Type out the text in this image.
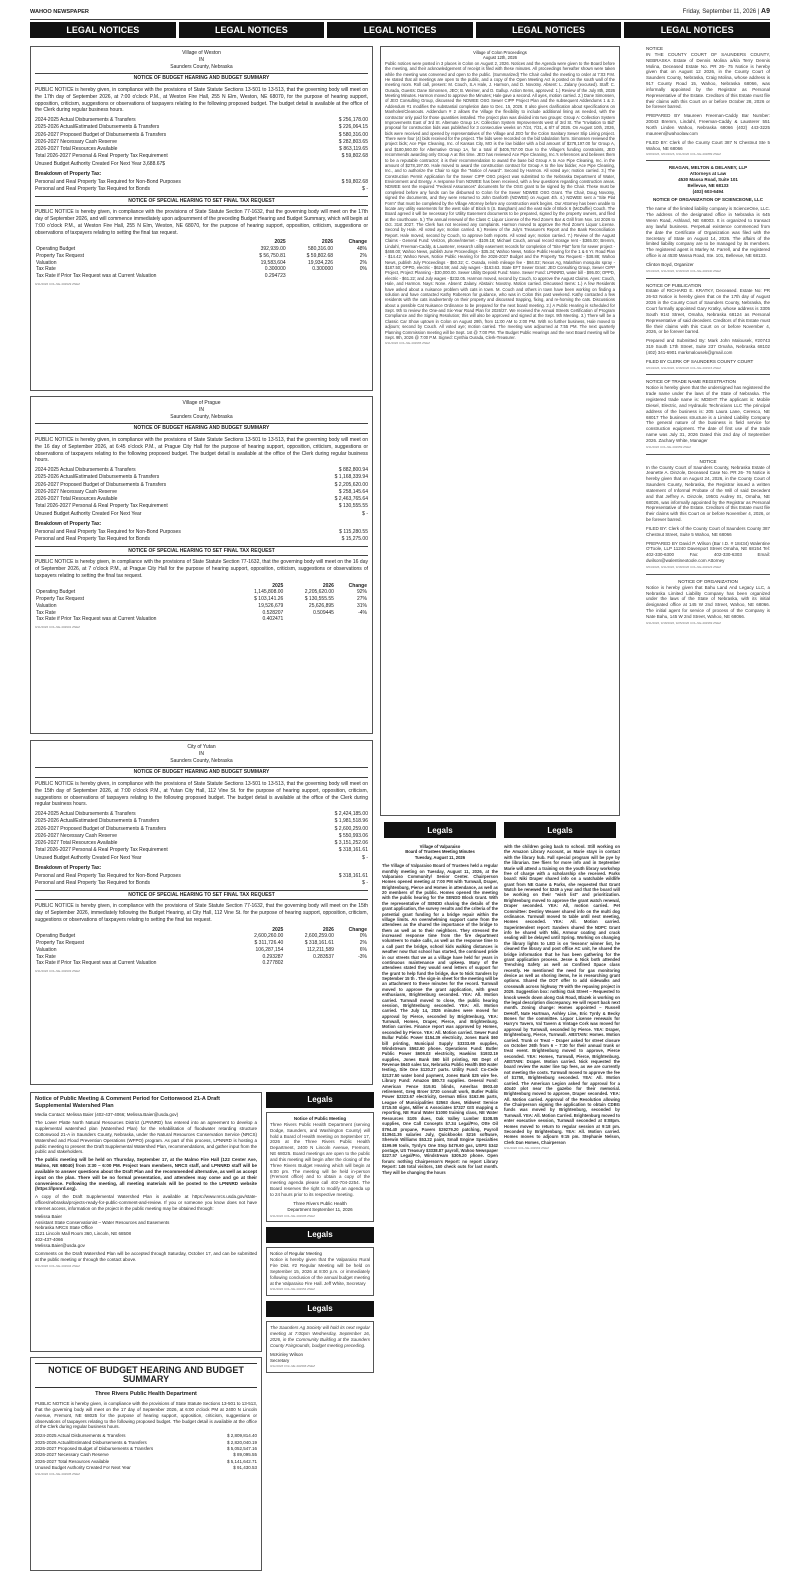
WAHOO NEWSPAPER	Friday, September 11, 2026 | A9
LEGAL NOTICES	LEGAL NOTICES	LEGAL NOTICES	LEGAL NOTICES	LEGAL NOTICES
Village of Weston
IN
Saunders County, Nebraska
NOTICE OF BUDGET HEARING AND BUDGET SUMMARY
PUBLIC NOTICE is hereby given, in compliance with the provisions of State Statute Sections 13-501 to 13-513, that the governing body will meet on the 17th day of September 2026, at 7:00 o'clock P.M., at Weston Fire Hall, 255 N Elm, Weston, NE 68070, for the purpose of hearing support, opposition, criticism, suggestions or observations of taxpayers relating to the following proposed budget. The budget detail is available at the office of the Clerk during regular business hours.
2024-2025 Actual Disbursements & Transfers	$ 256,178.00
2025-2026 Actual/Estimated Disbursements & Transfers	$ 226,064.15
2026-2027 Proposed Budget of Disbursements & Transfers	$ 580,316.00
2026-2027 Necessary Cash Reserve	$ 282,803.65
2026-2027 Total Resources Available	$ 863,119.65
Total 2026-2027 Personal & Real Property Tax Requirement	$ 59,802.68
Unused Budget Authority Created For Next Year 3,688.67$
Breakdown of Property Tax:
Personal and Real Property Tax Required for Non-Bond Purposes	$ 59,802.68
Personal and Real Property Tax Required for Bonds	$ -
NOTICE OF SPECIAL HEARING TO SET FINAL TAX REQUEST
PUBLIC NOTICE is hereby given, in compliance with the provisions of State Statute Section 77-1632, that the governing body will meet on the 17th day of September 2026, and will commence immediately upon adjournment of the preceding Budget Hearing and Budget Summary, which will begin at 7:00 o'clock P.M., at Weston Fire Hall, 255 N Elm, Weston, NE 68070, for the purpose of hearing support, opposition, criticism, suggestions or observations of taxpayers relating to setting the final tax request.
	2025	2026	Change
Operating Budget	392,939.00	580,316.00	48%
Property Tax Request	$ 56,750.81	$ 59,802.68	2%
Valuation	19,583,604	19,934,226	2%
Tax Rate	0.300000	0.300000	0%
Tax Rate if Prior Tax Request was at Current Valuation	0.294723		
9/11/2026 COL-NE-402929 ZNEZ
Village of Prague
IN
Saunders County, Nebraska
NOTICE OF BUDGET HEARING AND BUDGET SUMMARY
PUBLIC NOTICE is hereby given, in compliance with the provisions of State Statute Sections 13-501 to 13-513, that the governing body will meet on the 16 day of September 2026, at 6:45 o'clock P.M., at Prague City Hall for the purpose of hearing support, opposition, criticism, suggestions or observations of taxpayers relating to the following proposed budget. The budget detail is available at the office of the Clerk during regular business hours.
2024-2025 Actual Disbursements & Transfers	$ 882,800.94
2025-2026 Actual/Estimated Disbursements & Transfers	$ 1,168,339.94
2026-2027 Proposed Budget of Disbursements & Transfers	$ 2,205,620.00
2026-2027 Necessary Cash Reserve	$ 258,145.64
2026-2027 Total Resources Available	$ 2,463,765.64
Total 2026-2027 Personal & Real Property Tax Requirement	$ 130,555.55
Unused Budget Authority Created For Next Year	$ -
Breakdown of Property Tax:
Personal and Real Property Tax Required for Non-Bond Purposes	$ 115,280.55
Personal and Real Property Tax Required for Bonds	$ 15,275.00
NOTICE OF SPECIAL HEARING TO SET FINAL TAX REQUEST
PUBLIC NOTICE is hereby given, in compliance with the provisions of State Statute Section 77-1632, that the governing body will meet on the 16 day of September 2026, at 7 o'clock P.M., at Prague City Hall for the purpose of hearing support, opposition, criticism, suggestions or observations of taxpayers relating to setting the final tax request.
	2025	2026	Change
Operating Budget	1,145,808.00	2,205,620.00	92%
Property Tax Request	$ 103,141.26	$ 130,555.55	27%
Valuation	19,526,679	25,626,895	31%
Tax Rate	0.528207	0.509445	-4%
Tax Rate if Prior Tax Request was at Current Valuation	0.402471		
9/11/2026 COL-NE-402901 ZNEZ
City of Yutan
IN
Saunders County, Nebraska
NOTICE OF BUDGET HEARING AND BUDGET SUMMARY
PUBLIC NOTICE is hereby given, in compliance with the provisions of State Statute Sections 13-501 to 13-513, that the governing body will meet on the 15th day of September 2026, at 7:00 o'clock P.M., at Yutan City Hall, 112 Vine St. for the purpose of hearing support, opposition, criticism, suggestions or observations of taxpayers relating to the following proposed budget. The budget detail is available at the office of the Clerk during regular business hours.
2024-2025 Actual Disbursements & Transfers	$ 2,424,185.00
2025-2026 Actual/Estimated Disbursements & Transfers	$ 1,981,518.96
2026-2027 Proposed Budget of Disbursements & Transfers	$ 2,600,259.00
2026-2027 Necessary Cash Reserve	$ 550,993.06
2026-2027 Total Resources Available	$ 3,151,252.06
Total 2026-2027 Personal & Real Property Tax Requirement	$ 318,161.61
Unused Budget Authority Created For Next Year	$ -
Breakdown of Property Tax:
Personal and Real Property Tax Required for Non-Bond Purposes	$ 318,161.61
Personal and Real Property Tax Required for Bonds	$ -
NOTICE OF SPECIAL HEARING TO SET FINAL TAX REQUEST
PUBLIC NOTICE is hereby given, in compliance with the provisions of State Statute Section 77-1632, that the governing body will meet on the 15th day of September 2026, immediately following the Budget Hearing, at City Hall, 112 Vine St. for the purpose of hearing support, opposition, criticism, suggestions or observations of taxpayers relating to setting the final tax request.
	2025	2026	Change
Operating Budget	2,600,260.00	2,600,259.00	0%
Property Tax Request	$ 311,726.40	$ 318,161.61	2%
Valuation	106,287,154	112,211,589	6%
Tax Rate	0.293287	0.283537	-3%
Tax Rate if Prior Tax Request was at Current Valuation	0.277802		
9/11/2026 COL-NE-402903 ZNEZ
Notice of Public Meeting & Comment Period for Cottonwood 21-A Draft Supplemental Watershed Plan
Media Contact: Melissa Baier (402-437-4066; Melissa.Baier@usda.gov)
The Lower Platte North Natural Resources District (LPNNRD) has entered into an agreement to develop a supplemental watershed plan (Watershed Plan) for the rehabilitation of floodwater retarding structure Cottonwood 21-A in Saunders County, Nebraska, under the Natural Resources Conservation Service (NRCS) Watershed and Flood Prevention Operations (WFPO) program. As part of this process, LPNNRD is hosting a public meeting to present the Draft Supplemental Watershed Plan, recommendations, and gather input from the public and stakeholders.
The public meeting will be held on Thursday, September 17, at the Malmo Fire Hall (122 Center Ave, Malmo, NE 68040) from 3:30 – 6:00 PM. Project team members, NRCS staff, and LPNNRD staff will be available to answer questions about the Draft Plan and the recommended alternative, as well as accept input on the plan. There will be no formal presentation, and attendees may come and go at their convenience. Following the meeting, all meeting materials will be posted to the LPNNRD website (https://lpnnrd.org).
A copy of the Draft Supplemental Watershed Plan is available at https://www.nrcs.usda.gov/state-offices/nebraska/projects-ready-for-public-comment-and-review. If you or someone you know does not have Internet access, information on the project in the public meeting may be obtained through:
Melissa Baier
Assistant State Conservationist – Water Resources and Easements
Nebraska NRCS State Office
1121 Lincoln Mall Room 360, Lincoln, NE 68508
402-437-4066
Melissa.Baier@usda.gov
Comments on the Draft Watershed Plan will be accepted through Saturday, October 17, and can be submitted at the public meeting or through the contact above.
9/11/2026 COL-NE-402904 ZNEZ
NOTICE OF BUDGET HEARING AND BUDGET SUMMARY
Three Rivers Public Health Department
PUBLIC NOTICE is hereby given, in compliance with the provisions of State Statute Sections 13-501 to 13-513, that the governing body will meet on the 17 day of September 2026, at 6:00 o'clock PM at 2400 N Lincoln Avenue, Fremont, NE 68025 for the purpose of hearing support, opposition, criticism, suggestions or observations of taxpayers relating to the following proposed budget. The budget detail is available at the office of the Clerk during regular business hours.
2024-2025 Actual Disbursements & Transfers	$ 2,809,814.40
2025-2026 Actual/Estimated Disbursements & Transfers	$ 2,820,040.19
2026-2027 Proposed Budget of Disbursements & Transfers	$ 5,052,547.16
2026-2027 Necessary Cash Reserve	$ 89,095.55
2026-2027 Total Resources Available	$ 5,141,642.71
Unused Budget Authority Created For Next Year	$ 91,430.53
9/11/2026 COL-NE-402905 ZNEZ
Village of Colon Proceedings
August 12th, 2026
Public notices were posted in 3 places in Colon on August 2, 2026. Notices and the Agenda were given to the Board before the meeting, and their acknowledgement of receipt is filed with these minutes. All proceedings hereafter shown were taken while the meeting was convened and open to the public. (Summarized) The Chair called the meeting to order at 7:03 P.M. He stated that all meetings are open to the public, and a copy of the Open Meeting Act is posted on the south wall of the meeting room. Roll call, present: M. Couch, S.A Hale, J. Harmon, and D. Novotny. Absent: L. Zalany (excused). Staff: C. Ourada, Guests: Dane Simonsen, JEO; B. Weimer, and D. Gallup. Action Items, approved: 1.) Review of the July 8th, 2026 Meeting Minutes. Harmon moved to approve the Minutes; Hale gave a second. All ayes, motion carried. 2.) Dane Simonsen, of JEO Consulting Group, discussed the NDWEE OSG Sewer CIPP Project Plan and the subsequent Addendums 1 & 2. Addendum #1 modifies the substantial completion date to Dec. 15, 2026. It also gives clarification about specifications on Manholes/Cleanouts. Addendum # 2 allows the Village the flexibility to include additional lining as needed, with the contractor only paid for those quantities installed. The project plan was divided into two groups: Group A: Collection System Improvements East of 3rd St. Alternate Group 1A: Collection System Improvements west of 3rd St. The "Invitation to Bid" proposal for construction bids was published for 3 consecutive weeks on 7/24, 7/31, & 8/7 of 2026. On August 10th, 2026, bids were received and opened by representatives of the Village and JEO for the Colon Sanitary Sewer Slip Lining project. There were four (4) bids received for the project. The bids were recorded on the bid tabulation form. Simonsen reviewed the project bids; Ace Pipe Cleaning, Inc. of Kansas City, MO is the low bidder with a bid amount of $278,197.00 for Group A, and $180,560.00 for Alternative Group 1A, for a total of $405,757.00 Due to the Village's funding constraints, JEO recommends awarding only Group A at this time. JEO has reviewed Ace Pipe Cleaning, Inc.'s references and believes them to be a reputable contractor; it is their recommendation to award the base bid Group A to Ace Pipe Cleaning, Inc. in the amount of $278,197.00. Hale moved to award the construction contract for Group A to the low bidder, Ace Pipe Cleaning, Inc., and to authorize the Chair to sign the "Notice of Award". Second by Harmon. All voted aye; motion carried. 3.) The Construction Permit Application for the Sewer CIPP OSG project was submitted to the Nebraska Department of Water, Environment and Energy. A response from NDWEE has been received, with a few questions regarding construction areas. NDWEE sent the required "Federal Assurances" documents for the OSG grant to be signed by the Chair. These must be completed before any funds can be disbursed to Colon for the Sewer NDWEE OSG Grant. The Chair, Doug Novotny, signed the documents, and they were returned to John Danforth (NDWEE) on August 4th. 4.) NDWEE sent a "Site Plat Form" that must be completed by the Village Attorney before any construction work begins. Our Attorney has been unable to locate any utility easements for the west side of Block 5 (S. Bangham) and the east side of Block 6 (McDuffie) Couch. The Board agreed it will be necessary for Utility Easement documents to be prepared, signed by the property owners, and filed at the courthouse. 5.) The annual renewal of the Class C Liquor License of the Red Zone's Bar & Grill from Nov. 1st 2026 to Oct. 31st 2027. The Clerk has not received any complaints. Harmon moved to approve the Red Zone's Liquor License. Second by Hale. All voted aye; motion carried. 6.) Review of the July's Treasurer's Report and the Bank Reconciliation Report. Hale moved, second by Couch, to approve both reports. All voted aye; motion carried. 7.) Review of the August Claims - General Fund: Verizon, phone/internet - $109.18; Michael Couch, annual record storage rent - $365.00; Bremm, Lindahl, Freeman-Caddy, & Lausterer, research utility easement records for completion of "Site Plat" form for sewer project - $468.00; Wahoo News, publish June Proceedings - $35.34; Wahoo News, Notice Public Hearing for the 1 & 6 Yr. Road Plan - $14.42; Wahoo News, Notice Public Hearing for the 2026-2027 Budget and the Property Tax Request - $38.88; Wahoo News, publish July Proceedings - $50.32; C. Ourada, reimb mileage fee - $84.02; Nexus Ag, Malathion mosquito spray - $187.50; OPPD, electric - $624.59; and July wages - $163.63. State EFT Sewer Grant: JEO Consulting Group, Sewer CIPP Project, Project Planning - $30,000.00. Sewer Utility Deposit Fund: None. Sewer Fund: LPNNRD, water bill - $95.00; OPPD, electric - $61.22; and July wages - $232.05. Harmon moved, second by Couch, to approve the August Claims. Ayes: Couch, Hale, and Harmon. Nays: None. Absent: Zalany. Abstain: Novotny. Motion carried. Discussed Items: 1.) A few Residents have asked about a nuisance problem with cats in town. M. Couch and others in town have been working on finding a solution and have contacted Kathy Roberson for guidance, who was in Colon this past weekend. Kathy contacted a few residents with the cats inadvertently on their property and discussed trapping, fixing, and re-homing the cats. Discussions about a possible Cat Nuisance Ordinance to be prepared for the next board meeting. 2.) A Public Hearing is scheduled for Sept. 9th to review the One-and Six-Year Road Plan for 2026/27. We received the Annual Streets Certification of Program Compliance and the Signing Resolution; this will also be approved and signed at the Sept. 9th Meeting. 3.) There will be a Classic Car Show uptown in Colon on August 29th, from 11:00 AM to 2:00 PM. With no further business, Hale moved to adjourn; second by Couch. All voted aye; motion carried. The meeting was adjourned at 7:55 PM. The next quarterly Planning Commission meeting will be Sept. 1st @ 7:00 PM. The Budget Public Hearings and the next Board meeting will be Sept. 9th, 2026 @ 7:00 P.M. Signed: Cynthia Ourada, Clerk-Treasurer.
9/11/2026 COL-NE-402965 ZNEZ
Legals	Legals
Village of Valparaiso
Board of Trustees Meeting Minutes
Tuesday, August 11, 2026
The Village of Valparaiso Board of Trustees held a regular monthly meeting on Tuesday, August 11, 2026, at the Valparaiso Community/ Senior Center. Chairperson Homes opened meeting at 7:00 PM with Turnwall, Draper, Brightenburg, Pierce and Homes in attendance, as well as 20 members of the public. Homes opened the meeting with the public hearing for the SENDD Block Grant. With the representative of SENDD sharing the details of the grant application, the survey results and the criteria of the potential grant funding for a bridge repair within the village limits. An overwhelming support came from the attendees as the shared the importance of the bridge to them as well as to their neighbors. They stressed the increased response time from the fire department volunteers to make calls, as well as the response time to a call past the bridge, school kids walking distances is weather now that school has started, the continued pride in our streets that we as a village have held for years in continuous maintenance and upkeep. Many of the attendees stated they would send letters of support for the grant to help fund the bridge, due to Nick Sanders by September 15 th . The sign-in sheet for the meeting will be an attachment to these minutes for the record. Turnwall moved to approve the grant application, with great enthusiasm, Brightenburg seconded. YEA: All. Motion carried. Turnwall moved to close, the public hearing session, Brightenburg seconded. YEA: All. Motion carried. The July 14, 2026 minutes were moved for approval by Pierce, seconded by Brightenburg, YEA: Turnwall, Homes, Draper, Pierce, and Brightenburg. Motion carries. Finance report was approved by Homes, seconded by Pierce. YEA: All. Motion carried. Sewer Fund Bullar Public Power $154.39 electricity, Jones Bank $60 bill printing, Municipal Supply $3333.69 supplies, Windstream $562.60 phone. Operations Fund: Butler Public Power $609.03 electricity, Hawkins $1932.19 supplies, Jones Bank $60 bill printing, NE Dept of Revenue $640 sales tax, Nebraska Public Health $50 water testing, Site One $120.27 parts. Utility Fund: Co-Cede $2137.50 water bond payment, Jones Bank $25 wire fee. Library Fund: Amazon $80.73 supplies. General Fund: American Fence $19.91 blinds, Ameritas $903.40 retirement, Greg Broer $720 consult work, Butler Public Power $2323.67 electricity, German Bliss $162.96 parts, League of Municipalities $2563 dues, Midwest Service $715.50 signs, Miller & Associates $7327 GIS mapping & reporting, NE Rural Water $1000 training class, NE Water Resources $105 dues, Oak Valley Lumber $108.85 supplies, One Call Concepts $7.34 Legal/Pro, Otte Oil $794.40 propane, Pavers $29279.20 patching, Payroll $13941.35 salaries July, Quickbooks $216 software, Sherwin Williams $53.22 paint, Small Engine Specialties $199.99 tools, Tyrdy's One Stop $479.60 gas, USPS $342 postage, US Treasury $3338.87 payroll, Wahoo Newspaper $227.57 Legal/Pro, Windstream $305.20 phone. Open forum: nothing Chairperson's Report: no report Library Report: 146 total visitors, 160 check outs for last month. They will be changing the hours
with the children going back to school. Still working on the Amazon Library Account, as Marie stays in contact with the library hub. Fall special program will be pye by the librarian. See fliers for more info and in September Marie will attend a training on the youth library workshop free of charge with a scholarship she received. Parks board: Niki Draper shared info on a watchable wildlife grant from NE Game & Parks, she requested that Grant Watch be renewed for $249 a year and that the board will be working on their "wish list" and prioritization. Brightenburg moved to approve the grant watch renewal, Draper seconded. YEA: All, motion carried. Pet Committee: Destiny Weaver shared info on the multi dog ordinance. Turnwall moved to table until next meeting, Homes seconded. YEA: All. Motion carried. Superintendent report: Sanders shared the NDPC Grant info he shared with Niki, Armour coating and crack sealing will be delayed until Spring. Working on changing the library lights to LED is on 'lessons' winner list, he cleaned the library and post office AC unit, he shared the bridge information that he has been gathering for the grant application process. Jesse & Nick both attended Trenching Safety as well as Confined Space class recently. He mentioned the need for gas monitoring device as well as shoring items, he is researching grant options. Shared the DOT offer to add sidewalks and crosswalk across highway 79 with the repaving project in 2029. Suggestion box: nothing Oak Street – Requested to knock weeds down along Oak Road, Blazek is working on the legal description discrepancy. He will report back next month. Zoning change: Homes appointed – Russell DeHoff, Nate Hartman, Ashley Line, Eric Tyrdy & Becky Bones for the committee. Liquor License renewals for Harry's Tavern, Val Tavern & Vintage Cork was moved for approval by Turnwall, seconded by Pierce. YEA: Draper, Brightenburg, Pierce, Turnwall. ABSTAIN: Homes. Motion carried. Trunk or Treat – Draper asked for street closure on October 26th from 6 – 7:30 for their annual trunk or treat event. Brightenburg moved to approve, Pierce seconded. YEA: Homes, Turnwall, Pierce, Brightenburg. ABSTAIN: Draper. Motion carried. Nick requested the board review the water line tap fees, as we are currently not meeting the costs. Turnwall moved to approve the fee of $1750, Brightenburg seconded. YEA: All. Motion carried. The American Legion asked for approval for a 40x40 plot near the gazebo for their memorial. Brightenburg moved to approve, Draper seconded. YEA: All. Motion carried. Approval of the Resolution allowing the Chairperson signing the application to obtain CDBG funds was moved by Brightenburg, seconded by Turnwall. YEA: All. Motion Carried. Brightenburg moved to enter executive session, Turnwall seconded at 8:08pm. Homes moved to return to regular session at 9:18 pm. Seconded by Brightenburg. YEA: All. Motion carried. Homes moves to adjourn 9:15 pm. Stephanie Nelson, Clerk Dan Homes, Chairperson
9/11/2026 COL-NE-402963 ZNEZ
NOTICE
IN THE COUNTY COURT OF SAUNDERS COUNTY, NEBRASKA Estate of Dennis Molina a/k/a Terry Dennis Molina, Deceased Estate No. PR 26- 75 Notice is hereby given that on August 12 2026, in the County Court of Saunders County, Nebraska, Craig Molina, whose address is 917 County Road 15, Wahoo, Nebraska 68066, was informally appointed by the Registrar as Personal Representative of the Estate. Creditors of this Estate must file their claims with this Court on or before October 28, 2026 or be forever barred.
PREPARED BY Maureen Freeman-Caddy Bar Number: 20043 Bremm, Lindahl, Freeman-Caddy & Lausterer 551 North Linden Wahoo, Nebraska 68066 (402) 443-3225 maureen@wahoolaw.com
FILED BY: Clerk of the County Court 387 N Chestnut Ste 5 Wahoo, NE 68066
9/28/2026, 9/04/2026, 9/11/2026 COL-NE-402889 ZNEZ
REAGAN, MELTON & DELANEY, LLP
Attorneys at Law
4530 Massa Road, Suite 101
Bellevue, NE 68133
(402) 603-6494
NOTICE OF ORGANIZATION OF SCIENCEONE, LLC
The name of the limited liability company is ScienceOne, LLC. The address of the designated office in Nebraska is 645 Wenn Road, Ashland, NE 68003. It is organized to transact any lawful business. Perpetual existence commenced from the date the Certificate of Organization was filed with the Secretary of State on August 14, 2026. The affairs of the limited liability company are to be managed by its members. The registered agent is Marley M. Farrell, and the registered office is at 4530 Massa Road, Ste. 101, Bellevue, NE 68133.
Clinton Boyd, Organizer
9/04/2026, 9/11/2026, 9/18/2026 COL-NE-402940 ZNEZ
NOTICE OF PUBLICATION
Estate of RICHARD E. KRATKY, Deceased. Estate No: PR 26-53 Notice is hereby given that on the 17th day of August 2026 in the County Court of Saunders County, Nebraska, the Court formally appointed Gary Kratky, whose address is 3305 South 91st Street, Omaha, Nebraska 68124 as Personal Representative of said decedent. Creditors of this Estate must file their claims with this Court on or before November 4, 2026, or be forever barred.
Prepared and Submitted By: Mark John Malousek, #20743 319 South 17th Street, Suite 237 Omaha, Nebraska 68102 (402) 341-6901 markmalousek@gmail.com
FILED BY CLERK OF SAUNDERS COUNTY COURT
9/04/2026, 9/11/2026, 9/18/2026 COL-NE-402915 ZNEZ
NOTICE OF TRADE NAME REGISTRATION
Notice is hereby given that the undersigned has registered the trade name under the laws of the State of Nebraska. The registered trade name is: MDEHT The applicant is: Mobile Diesel, Electric, and Hydraulic Technicians LLC The principal address of the business is: 205 Laura Lane, Ceresco, NE 68017 The business structure is a Limited Liability Company The general nature of the business is field service for construction equipment. The date of first use of the trade name was July 31, 2026 Dated this 2nd day of September 2026. Zachary White, Manager
9/11/2026 COL-NE-402959 ZNEZ
NOTICE
In the County Court of Saunders County, Nebraska Estate of Jeanette A. Dinzole, Deceased Case No. PR 26- 76 Notice is hereby given that on August 24, 2026, in the County Court of Saunders County, Nebraska, the Registrar issued a written statement of Informal Probate of the Will of said Decedent and that Jeffrey A. Dinzole, 19501 Audrey St., Omaha, NE 68026, was informally appointed by the Registrar as Personal Representative of the Estate. Creditors of this Estate must file their claims with this Court on or before November 4, 2026, or be forever barred.
FILED BY: Clerk of the County Court of Saunders County 387 Chestnut Street, Suite 5 Wahoo, NE 68066
PREPARED BY David P. Wilson (Bar I.D. # 18434) Walentine O'Toole, LLP 11240 Davenport Street Omaha, NE 68154 Tel: 402-330-6300 Fax: 402-330-6303 Email: dwilson@walentineotoole.com Attorney
9/04/2026, 9/11/2026, 9/18/2026 COL-NE-402923 ZNEZ
NOTICE OF ORGANIZATION
Notice is hereby given that Bahu Land And Legacy LLC, a Nebraska Limited Liability Company has been organized under the laws of the State of Nebraska, with its initial designated office at 145 W 2nd Street, Wahoo, NE 68066. The initial agent for service of process of the Company is Nate Bahu, 145 W 2nd Street, Wahoo, NE 68066.
9/11/2026, 9/18/2026, 9/25/2026 COL-NE-402969 ZNEZ
Legals
Notice of Public Meeting
Three Rivers Public Health Department (serving Dodge, Saunders, and Washington County) will hold a Board of Health meeting on September 17, 2026 at the Three Rivers Public Health Department, 2400 N Lincoln Avenue, Fremont, NE 68025. Board meetings are open to the public and this meeting will begin after the closing of the Three Rivers Budget Hearing which will begin at 6:00 pm. The meeting will be held in-person (Fremont office) and to obtain a copy of the meeting agenda please call 402-704-2254. The Board reserves the right to modify an agenda up to 24 hours prior to its respective meeting.
Three Rivers Public Health
Department September 11, 2026
9/11/2026 COL-NE-402995 ZNEZ
Legals
Notice of Regular Meeting
Notice is hereby given that the Valparaiso Rural Fire Dist. #2 Regular Meeting will be held on September 15, 2026 at 8:00 p.m. or immediately following conclusion of the annual budget meeting at the Valparaiso Fire Hall. Jeff White, Secretary
9/11/2026 COL-NE-402954 ZNEZ
Legals
The Saunders Ag Society will hold its next regular meeting at 7:00pm Wednesday, September 16, 2026, in the Community Building at the Saunders County Fairgrounds, budget meeting preceding.
McKinley Wilson
Secretary
9/11/2026 COL-NE-402966 ZNEZ
